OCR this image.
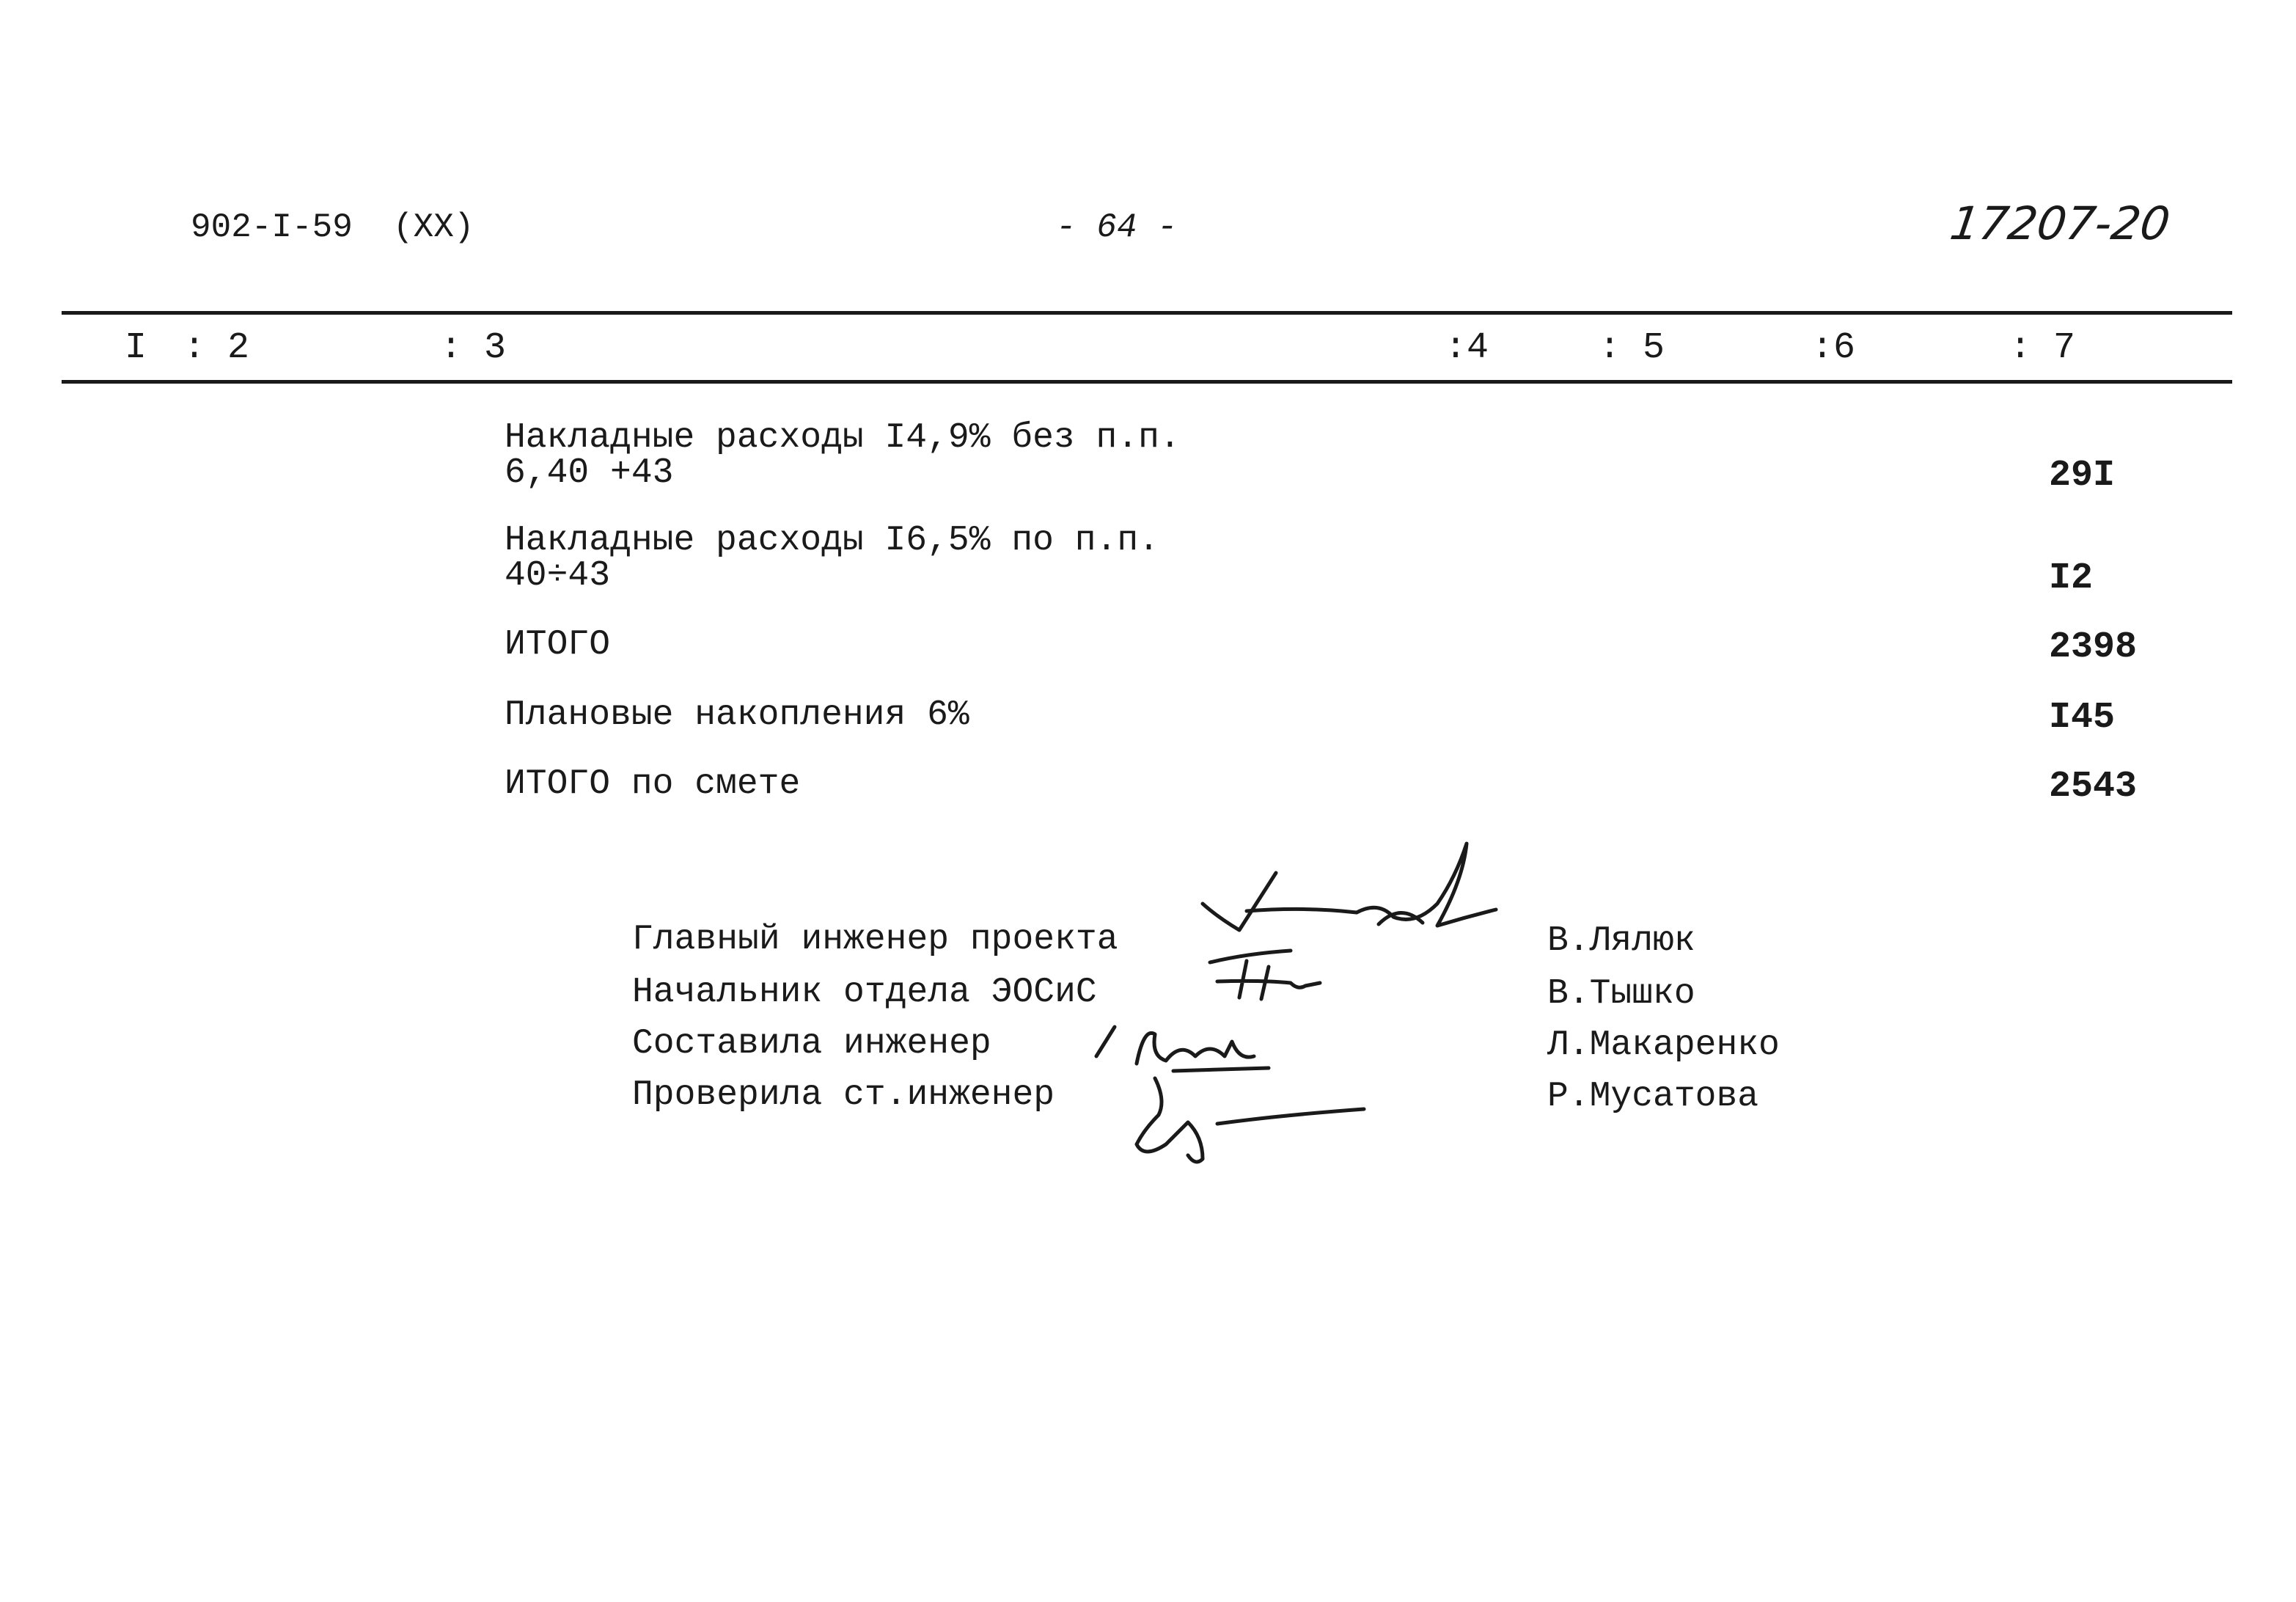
902-I-59  (XX)	- 64 -	17207-20
I : 2	: 3	:4	: 5	:6	: 7
Накладные расходы I4,9% без п.п.
6,40 +43	29I
Накладные расходы I6,5% по п.п.
40÷43	I2
ИТОГО	2398
Плановые накопления 6%	I45
ИТОГО по смете	2543
Главный инженер проекта	В.Лялюк
Начальник отдела ЭОСиС	В.Тышко
Составила инженер	Л.Макаренко
Проверила ст.инженер	Р.Мусатова
